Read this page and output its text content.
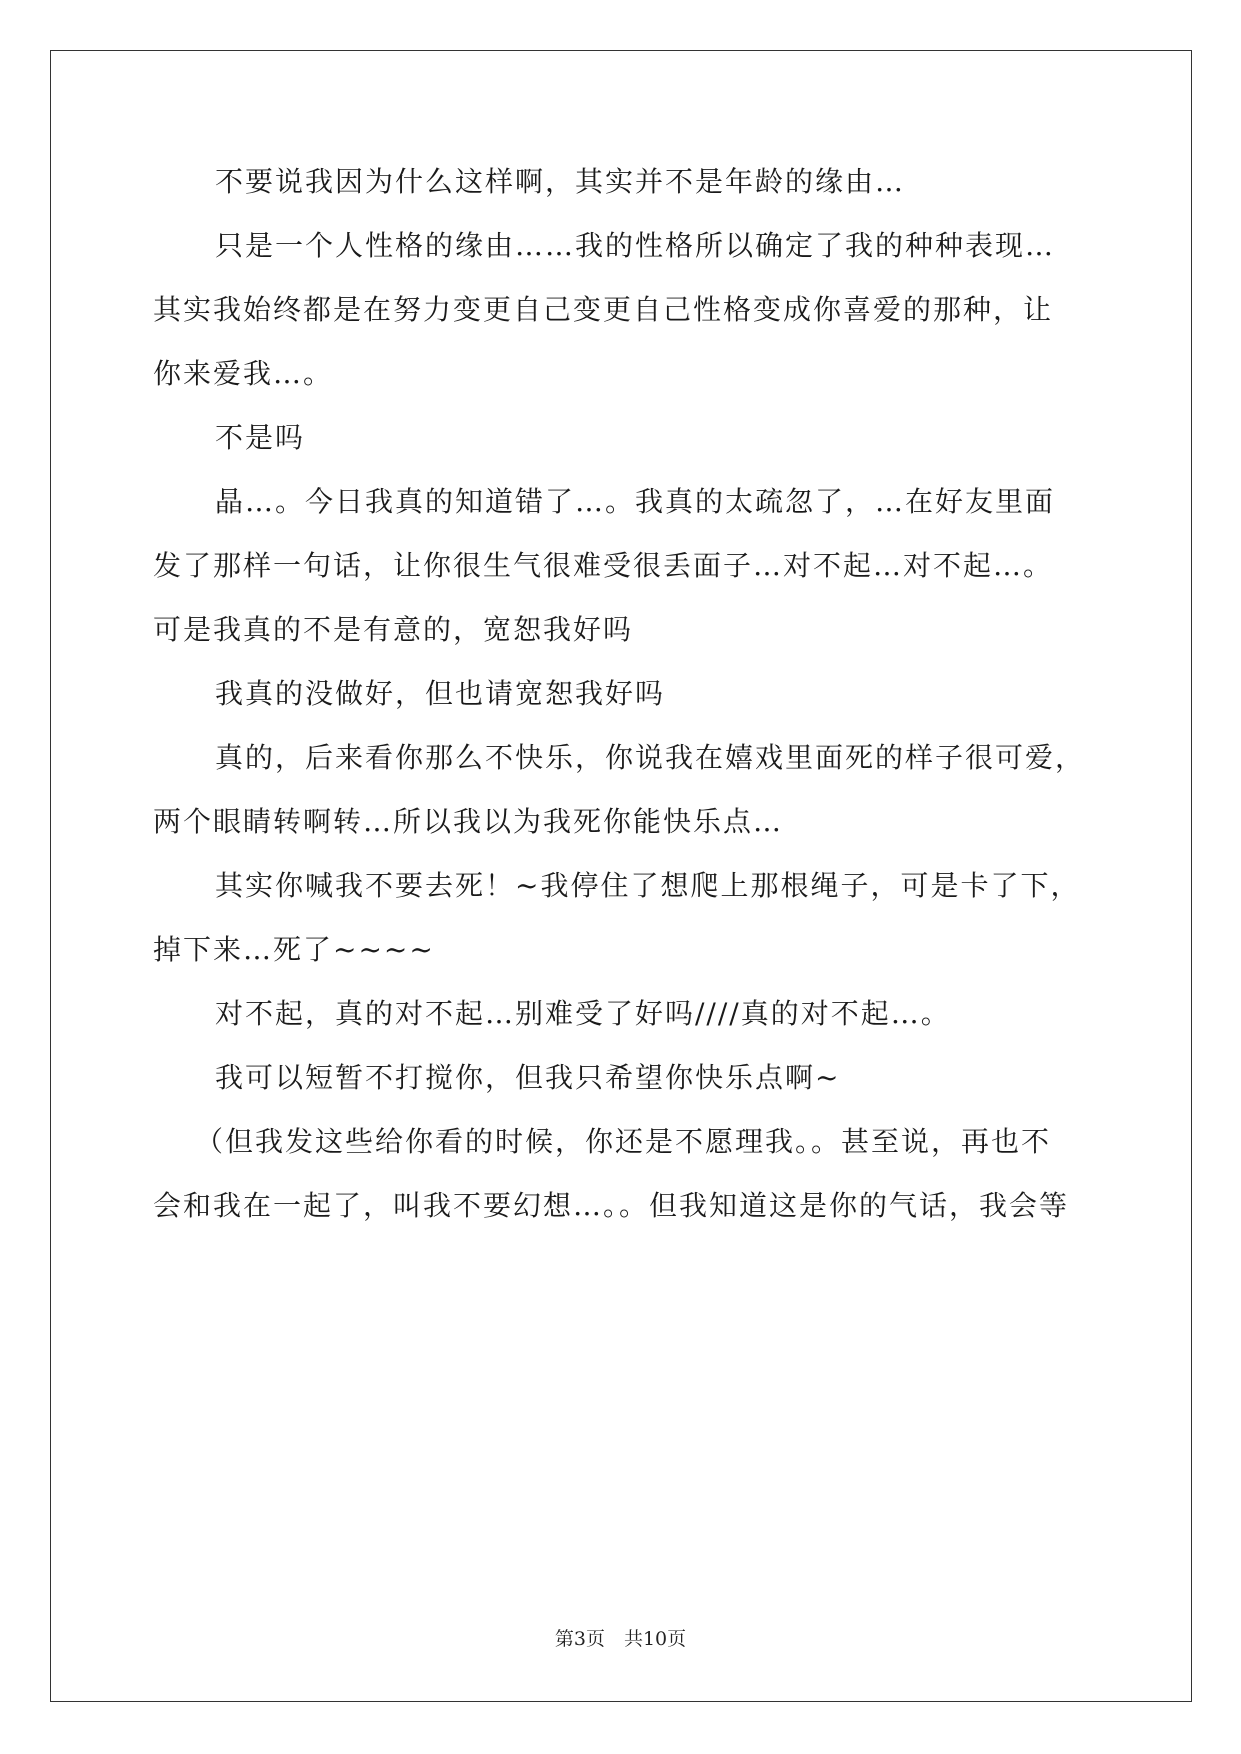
不要说我因为什么这样啊，其实并不是年龄的缘由…
只是一个人性格的缘由……我的性格所以确定了我的种种表现…
其实我始终都是在努力变更自己变更自己性格变成你喜爱的那种，让
你来爱我…。
不是吗
晶…。今日我真的知道错了…。我真的太疏忽了，…在好友里面
发了那样一句话，让你很生气很难受很丢面子…对不起…对不起…。
可是我真的不是有意的，宽恕我好吗
我真的没做好，但也请宽恕我好吗
真的，后来看你那么不快乐，你说我在嬉戏里面死的样子很可爱，
两个眼睛转啊转…所以我以为我死你能快乐点…
其实你喊我不要去死！~我停住了想爬上那根绳子，可是卡了下，
掉下来…死了~~~~
对不起，真的对不起…别难受了好吗////真的对不起…。
我可以短暂不打搅你，但我只希望你快乐点啊~
（但我发这些给你看的时候，你还是不愿理我。。甚至说，再也不
会和我在一起了，叫我不要幻想…。。但我知道这是你的气话，我会等
第3页　共10页
